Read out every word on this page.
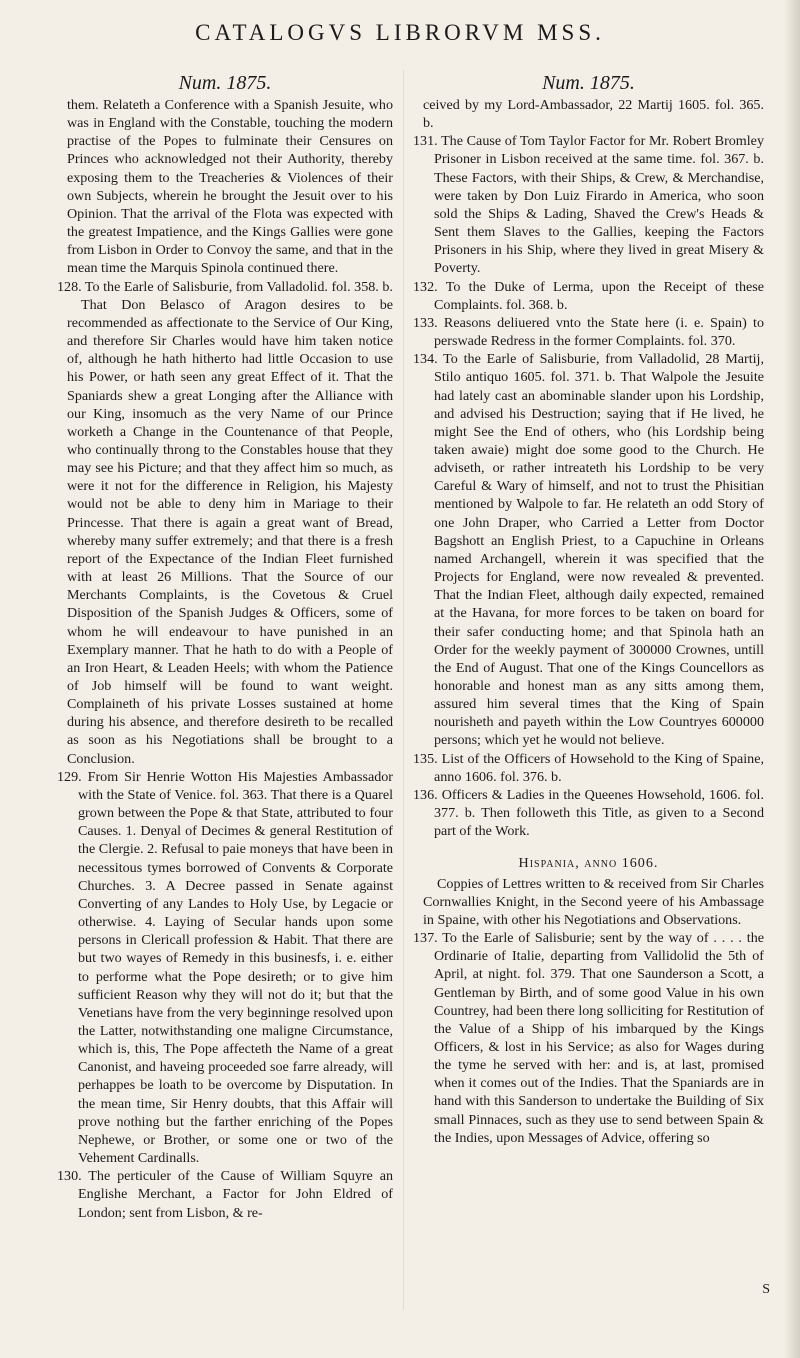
CATALOGVS LIBRORVM MSS.
Num. 1875.

them. Relateth a Conference with a Spanish Jesuite, who was in England with the Constable, touching the modern practise of the Popes to fulminate their Censures on Princes who acknowledged not their Authority, thereby exposing them to the Treacheries & Violences of their own Subjects, wherein he brought the Jesuit over to his Opinion. That the arrival of the Flota was expected with the greatest Impatience, and the Kings Gallies were gone from Lisbon in Order to Convoy the same, and that in the mean time the Marquis Spinola continued there.

128. To the Earle of Salisburie, from Valladolid. fol. 358. b.

That Don Belasco of Aragon desires to be recommended as affectionate to the Service of Our King, and therefore Sir Charles would have him taken notice of, although he hath hitherto had little Occasion to use his Power, or hath seen any great Effect of it. That the Spaniards shew a great Longing after the Alliance with our King, insomuch as the very Name of our Prince worketh a Change in the Countenance of that People, who continually throng to the Constables house that they may see his Picture; and that they affect him so much, as were it not for the difference in Religion, his Majesty would not be able to deny him in Mariage to their Princesse. That there is again a great want of Bread, whereby many suffer extremely; and that there is a fresh report of the Expectance of the Indian Fleet furnished with at least 26 Millions. That the Source of our Merchants Complaints, is the Covetous & Cruel Disposition of the Spanish Judges & Officers, some of whom he will endeavour to have punished in an Exemplary manner. That he hath to do with a People of an Iron Heart, & Leaden Heels; with whom the Patience of Job himself will be found to want weight. Complaineth of his private Losses sustained at home during his absence, and therefore desireth to be recalled as soon as his Negotiations shall be brought to a Conclusion.

129. From Sir Henrie Wotton His Majesties Ambassador with the State of Venice. fol. 363. That there is a Quarel grown between the Pope & that State, attributed to four Causes. 1. Denyal of Decimes & general Restitution of the Clergie. 2. Refusal to paie moneys that have been in necessitous tymes borrowed of Convents & Corporate Churches. 3. A Decree passed in Senate against Converting of any Landes to Holy Use, by Legacie or otherwise. 4. Laying of Secular hands upon some persons in Clericall profession & Habit. That there are but two wayes of Remedy in this businesfs, i. e. either to performe what the Pope desireth; or to give him sufficient Reason why they will not do it; but that the Venetians have from the very beginninge resolved upon the Latter, notwithstanding one maligne Circumstance, which is, this, The Pope affecteth the Name of a great Canonist, and haveing proceeded soe farre already, will perhappes be loath to be overcome by Disputation. In the mean time, Sir Henry doubts, that this Affair will prove nothing but the farther enriching of the Popes Nephewe, or Brother, or some one or two of the Vehement Cardinalls.

130. The perticuler of the Cause of William Squyre an Englishe Merchant, a Factor for John Eldred of London; sent from Lisbon, & re-

Num. 1875.

ceived by my Lord-Ambassador, 22 Martij 1605. fol. 365. b.

131. The Cause of Tom Taylor Factor for Mr. Robert Bromley Prisoner in Lisbon received at the same time. fol. 367. b. These Factors, with their Ships, & Crew, & Merchandise, were taken by Don Luiz Firardo in America, who soon sold the Ships & Lading, Shaved the Crew's Heads & Sent them Slaves to the Gallies, keeping the Factors Prisoners in his Ship, where they lived in great Misery & Poverty.

132. To the Duke of Lerma, upon the Receipt of these Complaints. fol. 368. b.

133. Reasons deliuered vnto the State here (i. e. Spain) to perswade Redress in the former Complaints. fol. 370.

134. To the Earle of Salisburie, from Valladolid, 28 Martij, Stilo antiquo 1605. fol. 371. b. That Walpole the Jesuite had lately cast an abominable slander upon his Lordship, and advised his Destruction; saying that if He lived, he might See the End of others, who (his Lordship being taken awaie) might doe some good to the Church. He adviseth, or rather intreateth his Lordship to be very Careful & Wary of himself, and not to trust the Phisitian mentioned by Walpole to far. He relateth an odd Story of one John Draper, who Carried a Letter from Doctor Bagshott an English Priest, to a Capuchine in Orleans named Archangell, wherein it was specified that the Projects for England, were now revealed & prevented. That the Indian Fleet, although daily expected, remained at the Havana, for more forces to be taken on board for their safer conducting home; and that Spinola hath an Order for the weekly payment of 300000 Crownes, untill the End of August. That one of the Kings Councellors as honorable and honest man as any sitts among them, assured him several times that the King of Spain nourisheth and payeth within the Low Countryes 600000 persons; which yet he would not believe.

135. List of the Officers of Howsehold to the King of Spaine, anno 1606. fol. 376. b.

136. Officers & Ladies in the Queenes Howsehold, 1606. fol. 377. b. Then followeth this Title, as given to a Second part of the Work.

Hispania, anno 1606.

Coppies of Lettres written to & received from Sir Charles Cornwallies Knight, in the Second yeere of his Ambassage in Spaine, with other his Negotiations and Observations.

137. To the Earle of Salisburie; sent by the way of . . . . the Ordinarie of Italie, departing from Vallidolid the 5th of April, at night. fol. 379. That one Saunderson a Scott, a Gentleman by Birth, and of some good Value in his own Countrey, had been there long solliciting for Restitution of the Value of a Shipp of his imbarqued by the Kings Officers, & lost in his Service; as also for Wages during the tyme he served with her: and is, at last, promised when it comes out of the Indies. That the Spaniards are in hand with this Sanderson to undertake the Building of Six small Pinnaces, such as they use to send between Spain & the Indies, upon Messages of Advice, offering so

S
